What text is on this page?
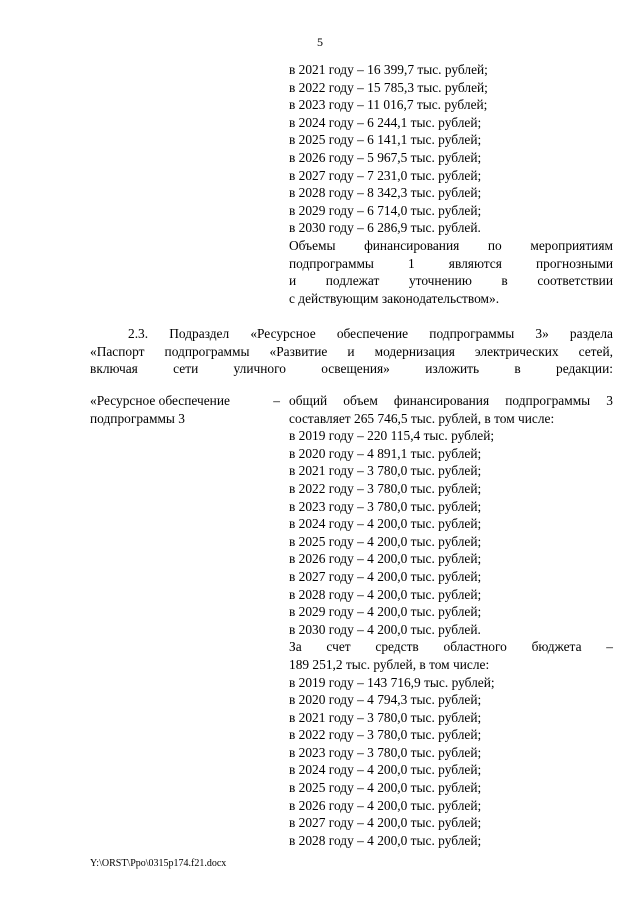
5
в 2021 году – 16 399,7 тыс. рублей;
в 2022 году – 15 785,3 тыс. рублей;
в 2023 году – 11 016,7 тыс. рублей;
в 2024 году – 6 244,1 тыс. рублей;
в 2025 году – 6 141,1 тыс. рублей;
в 2026 году – 5 967,5 тыс. рублей;
в 2027 году – 7 231,0 тыс. рублей;
в 2028 году – 8 342,3 тыс. рублей;
в 2029 году – 6 714,0 тыс. рублей;
в 2030 году – 6 286,9 тыс. рублей.
Объемы финансирования по мероприятиям
подпрограммы 1 являются прогнозными
и подлежат уточнению в соответствии
с действующим законодательством».
2.3. Подраздел «Ресурсное обеспечение подпрограммы 3» раздела
«Паспорт подпрограммы «Развитие и модернизация электрических сетей,
включая сети уличного освещения» изложить в редакции:
«Ресурсное обеспечение
подпрограммы 3
– общий объем финансирования подпрограммы 3
составляет 265 746,5 тыс. рублей, в том числе:
в 2019 году – 220 115,4 тыс. рублей;
в 2020 году – 4 891,1 тыс. рублей;
в 2021 году – 3 780,0 тыс. рублей;
в 2022 году – 3 780,0 тыс. рублей;
в 2023 году – 3 780,0 тыс. рублей;
в 2024 году – 4 200,0 тыс. рублей;
в 2025 году – 4 200,0 тыс. рублей;
в 2026 году – 4 200,0 тыс. рублей;
в 2027 году – 4 200,0 тыс. рублей;
в 2028 году – 4 200,0 тыс. рублей;
в 2029 году – 4 200,0 тыс. рублей;
в 2030 году – 4 200,0 тыс. рублей.
За счет средств областного бюджета –
189 251,2 тыс. рублей, в том числе:
в 2019 году – 143 716,9 тыс. рублей;
в 2020 году – 4 794,3 тыс. рублей;
в 2021 году – 3 780,0 тыс. рублей;
в 2022 году – 3 780,0 тыс. рублей;
в 2023 году – 3 780,0 тыс. рублей;
в 2024 году – 4 200,0 тыс. рублей;
в 2025 году – 4 200,0 тыс. рублей;
в 2026 году – 4 200,0 тыс. рублей;
в 2027 году – 4 200,0 тыс. рублей;
в 2028 году – 4 200,0 тыс. рублей;
Y:\ORST\Ppo\0315p174.f21.docx
